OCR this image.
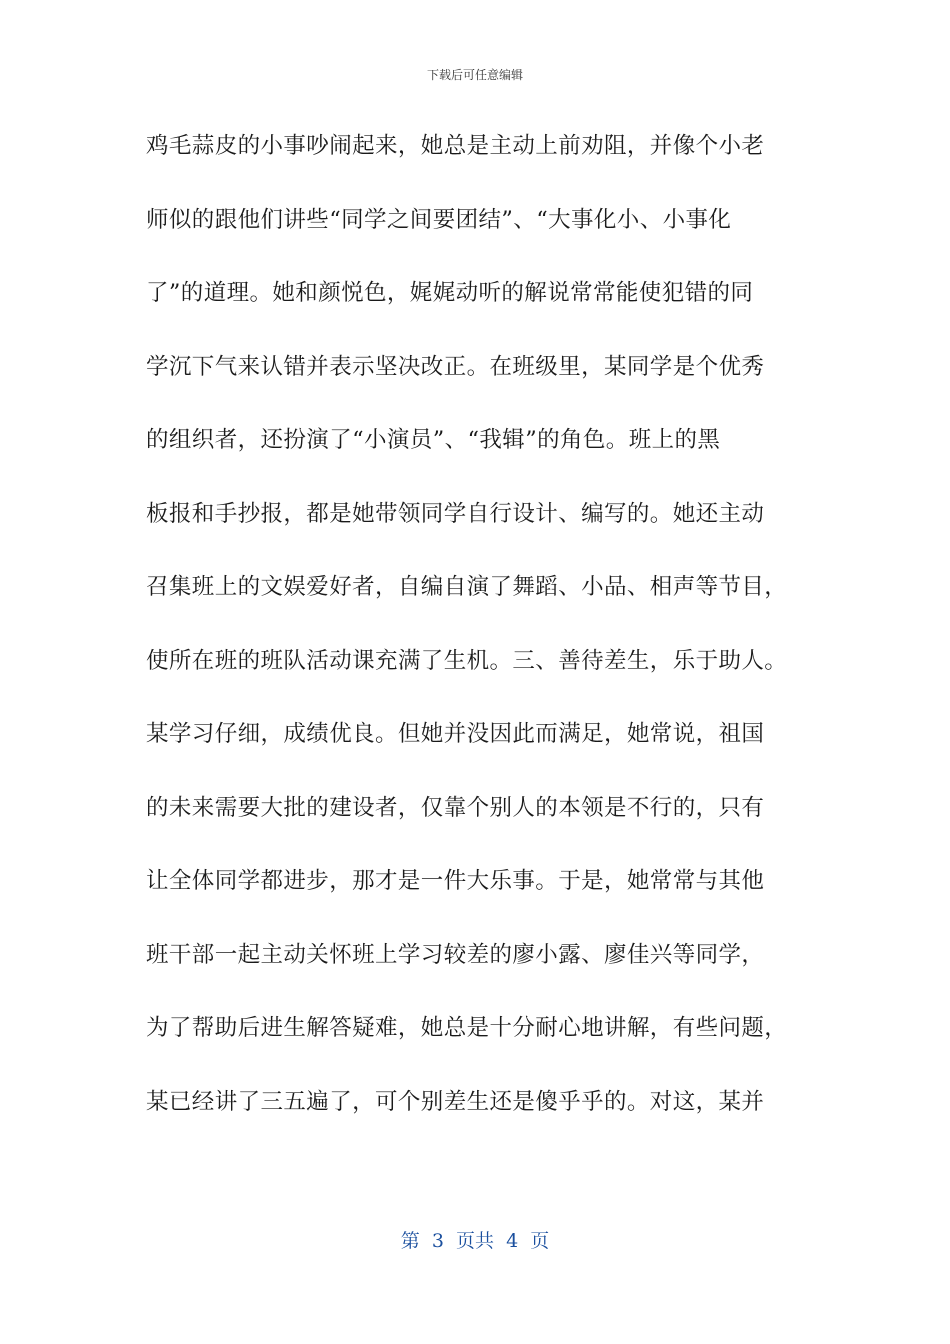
下载后可任意编辑
鸡毛蒜皮的小事吵闹起来，她总是主动上前劝阻，并像个小老
师似的跟他们讲些“同学之间要团结”、“大事化小、小事化
了”的道理。她和颜悦色，娓娓动听的解说常常能使犯错的同
学沉下气来认错并表示坚决改正。在班级里，某同学是个优秀
的组织者，还扮演了“小演员”、“我辑”的角色。班上的黑
板报和手抄报，都是她带领同学自行设计、编写的。她还主动
召集班上的文娱爱好者，自编自演了舞蹈、小品、相声等节目，
使所在班的班队活动课充满了生机。三、善待差生，乐于助人。
某学习仔细，成绩优良。但她并没因此而满足，她常说，祖国
的未来需要大批的建设者，仅靠个别人的本领是不行的，只有
让全体同学都进步，那才是一件大乐事。于是，她常常与其他
班干部一起主动关怀班上学习较差的廖小露、廖佳兴等同学，
为了帮助后进生解答疑难，她总是十分耐心地讲解，有些问题，
某已经讲了三五遍了，可个别差生还是傻乎乎的。对这，某并
第  3  页共  4  页
